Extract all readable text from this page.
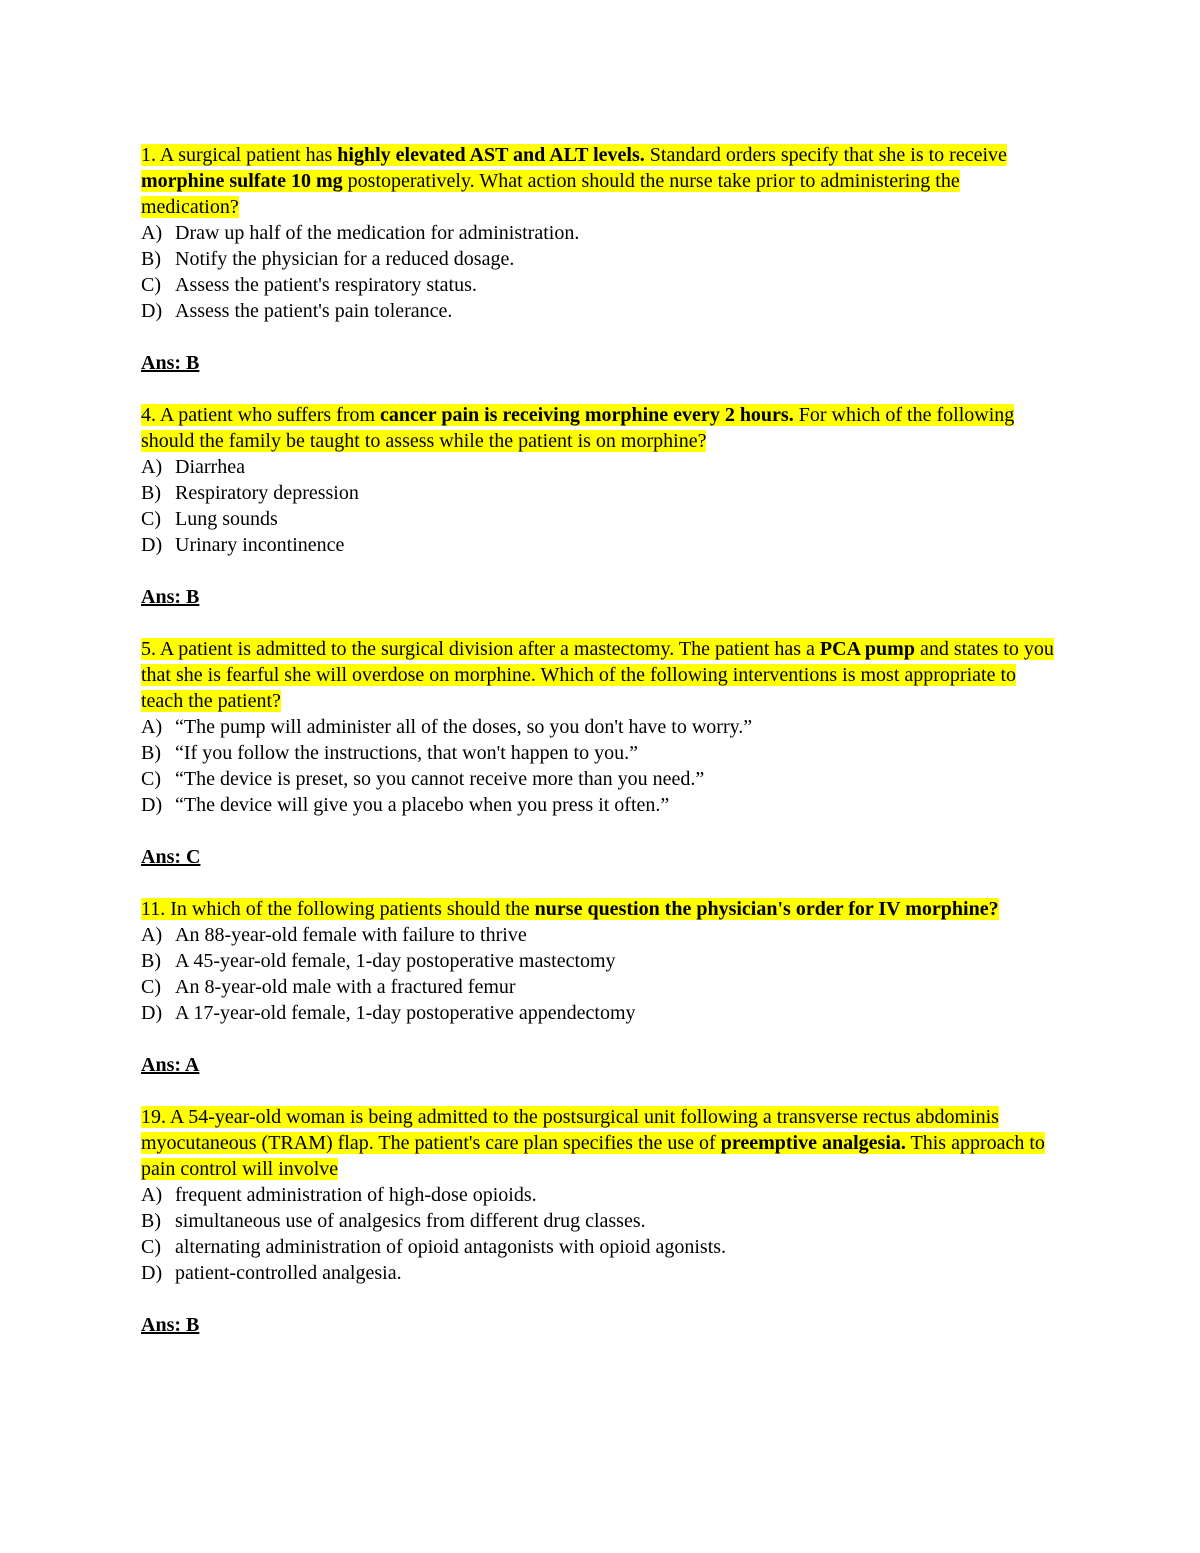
1. A surgical patient has highly elevated AST and ALT levels. Standard orders specify that she is to receive morphine sulfate 10 mg postoperatively. What action should the nurse take prior to administering the medication?

A) Draw up half of the medication for administration.
B) Notify the physician for a reduced dosage.
C) Assess the patient's respiratory status.
D) Assess the patient's pain tolerance.

Ans: B

4. A patient who suffers from cancer pain is receiving morphine every 2 hours. For which of the following should the family be taught to assess while the patient is on morphine?

A) Diarrhea
B) Respiratory depression
C) Lung sounds
D) Urinary incontinence

Ans: B

5. A patient is admitted to the surgical division after a mastectomy. The patient has a PCA pump and states to you that she is fearful she will overdose on morphine. Which of the following interventions is most appropriate to teach the patient?

A) “The pump will administer all of the doses, so you don't have to worry.”
B) “If you follow the instructions, that won't happen to you.”
C) “The device is preset, so you cannot receive more than you need.”
D) “The device will give you a placebo when you press it often.”

Ans: C

11. In which of the following patients should the nurse question the physician's order for IV morphine?

A) An 88-year-old female with failure to thrive
B) A 45-year-old female, 1-day postoperative mastectomy
C) An 8-year-old male with a fractured femur
D) A 17-year-old female, 1-day postoperative appendectomy

Ans: A

19. A 54-year-old woman is being admitted to the postsurgical unit following a transverse rectus abdominis myocutaneous (TRAM) flap. The patient's care plan specifies the use of preemptive analgesia. This approach to pain control will involve

A) frequent administration of high-dose opioids.
B) simultaneous use of analgesics from different drug classes.
C) alternating administration of opioid antagonists with opioid agonists.
D) patient-controlled analgesia.

Ans: B
